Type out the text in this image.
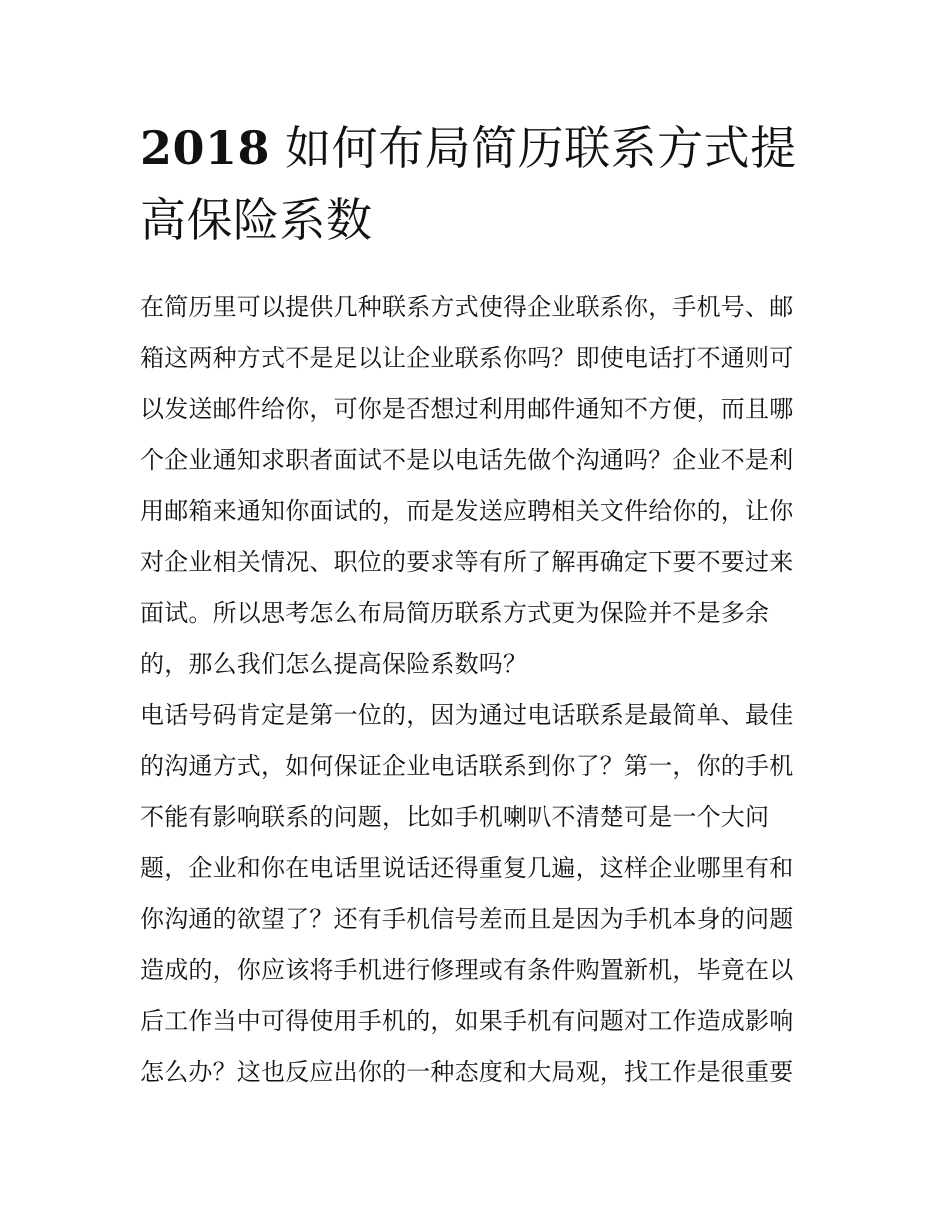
2018 如何布局简历联系方式提高保险系数

在简历里可以提供几种联系方式使得企业联系你，手机号、邮
箱这两种方式不是足以让企业联系你吗？即使电话打不通则可
以发送邮件给你，可你是否想过利用邮件通知不方便，而且哪
个企业通知求职者面试不是以电话先做个沟通吗？企业不是利
用邮箱来通知你面试的，而是发送应聘相关文件给你的，让你
对企业相关情况、职位的要求等有所了解再确定下要不要过来
面试。所以思考怎么布局简历联系方式更为保险并不是多余
的，那么我们怎么提高保险系数吗？

电话号码肯定是第一位的，因为通过电话联系是最简单、最佳
的沟通方式，如何保证企业电话联系到你了？第一，你的手机
不能有影响联系的问题，比如手机喇叭不清楚可是一个大问
题，企业和你在电话里说话还得重复几遍，这样企业哪里有和
你沟通的欲望了？还有手机信号差而且是因为手机本身的问题
造成的，你应该将手机进行修理或有条件购置新机，毕竟在以
后工作当中可得使用手机的，如果手机有问题对工作造成影响
怎么办？这也反应出你的一种态度和大局观，找工作是很重要
